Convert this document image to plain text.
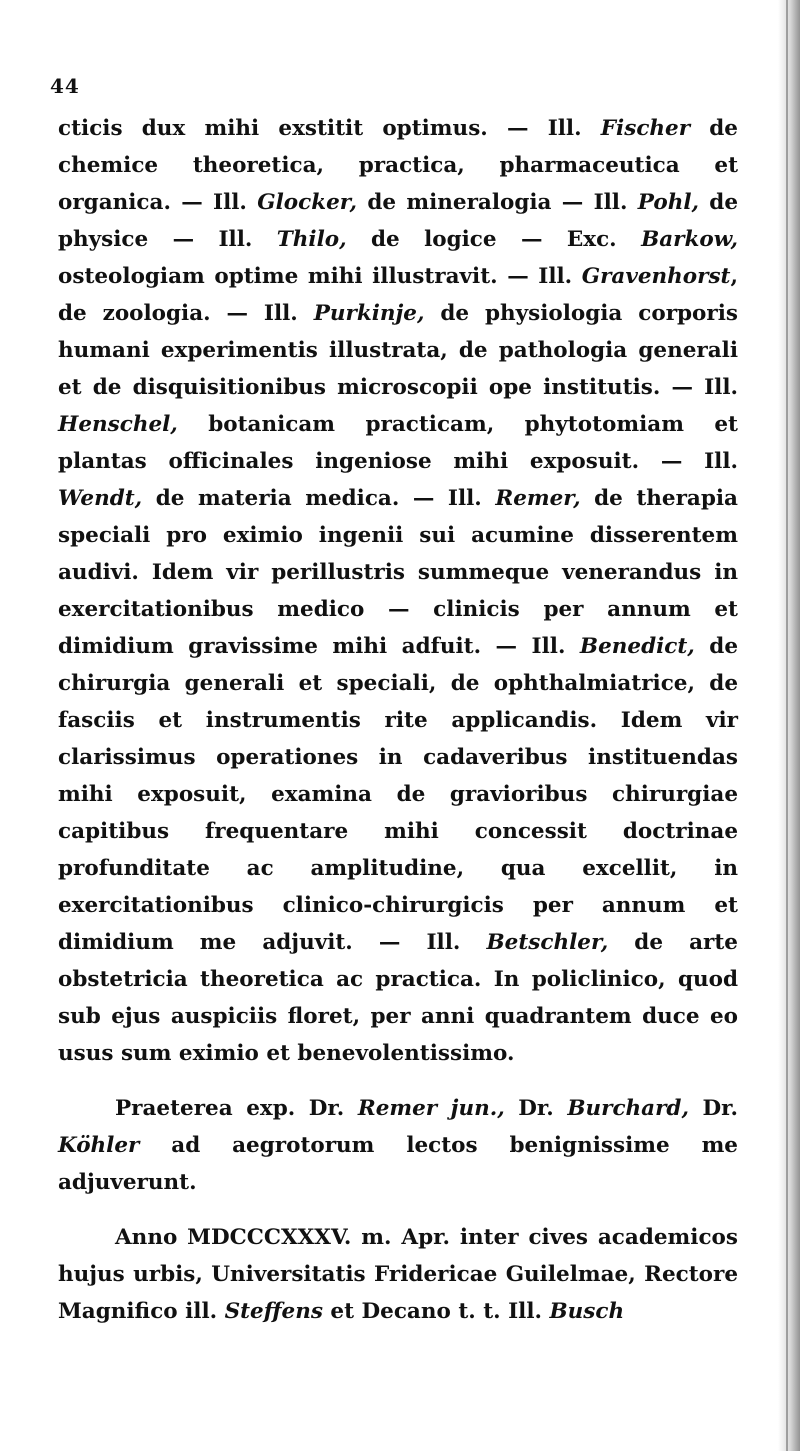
44

cticis dux mihi exstitit optimus. — Ill. Fischer de chemice theoretica, practica, pharmaceutica et organica. — Ill. Glocker, de mineralogia — Ill. Pohl, de physice — Ill. Thilo, de logice — Exc. Barkow, osteologiam optime mihi illustravit. — Ill. Gravenhorst, de zoologia. — Ill. Purkinje, de physiologia corporis humani experimentis illustrata, de pathologia generali et de disquisitionibus microscopii ope institutis. — Ill. Henschel, botanicam practicam, phytotomiam et plantas officinales ingeniose mihi exposuit. — Ill. Wendt, de materia medica. — Ill. Remer, de therapia speciali pro eximio ingenii sui acumine disserentem audivi. Idem vir perillustris summeque venerandus in exercitationibus medico — clinicis per annum et dimidium gravissime mihi adfuit. — Ill. Benedict, de chirurgia generali et speciali, de ophthalmiatrice, de fasciis et instrumentis rite applicandis. Idem vir clarissimus operationes in cadaveribus instituendas mihi exposuit, examina de gravioribus chirurgiae capitibus frequentare mihi concessit doctrinae profunditate ac amplitudine, qua excellit, in exercitationibus clinico-chirurgicis per annum et dimidium me adjuvit. — Ill. Betschler, de arte obstetricia theoretica ac practica. In policlinico, quod sub ejus auspiciis floret, per anni quadrantem duce eo usus sum eximio et benevolentissimo.

Praeterea exp. Dr. Remer jun., Dr. Burchard, Dr. Köhler ad aegrotorum lectos benignissime me adjuverunt.

Anno MDCCCXXXV. m. Apr. inter cives academicos hujus urbis, Universitatis Fridericae Guilelmae, Rectore Magnifico ill. Steffens et Decano t. t. Ill. Busch
